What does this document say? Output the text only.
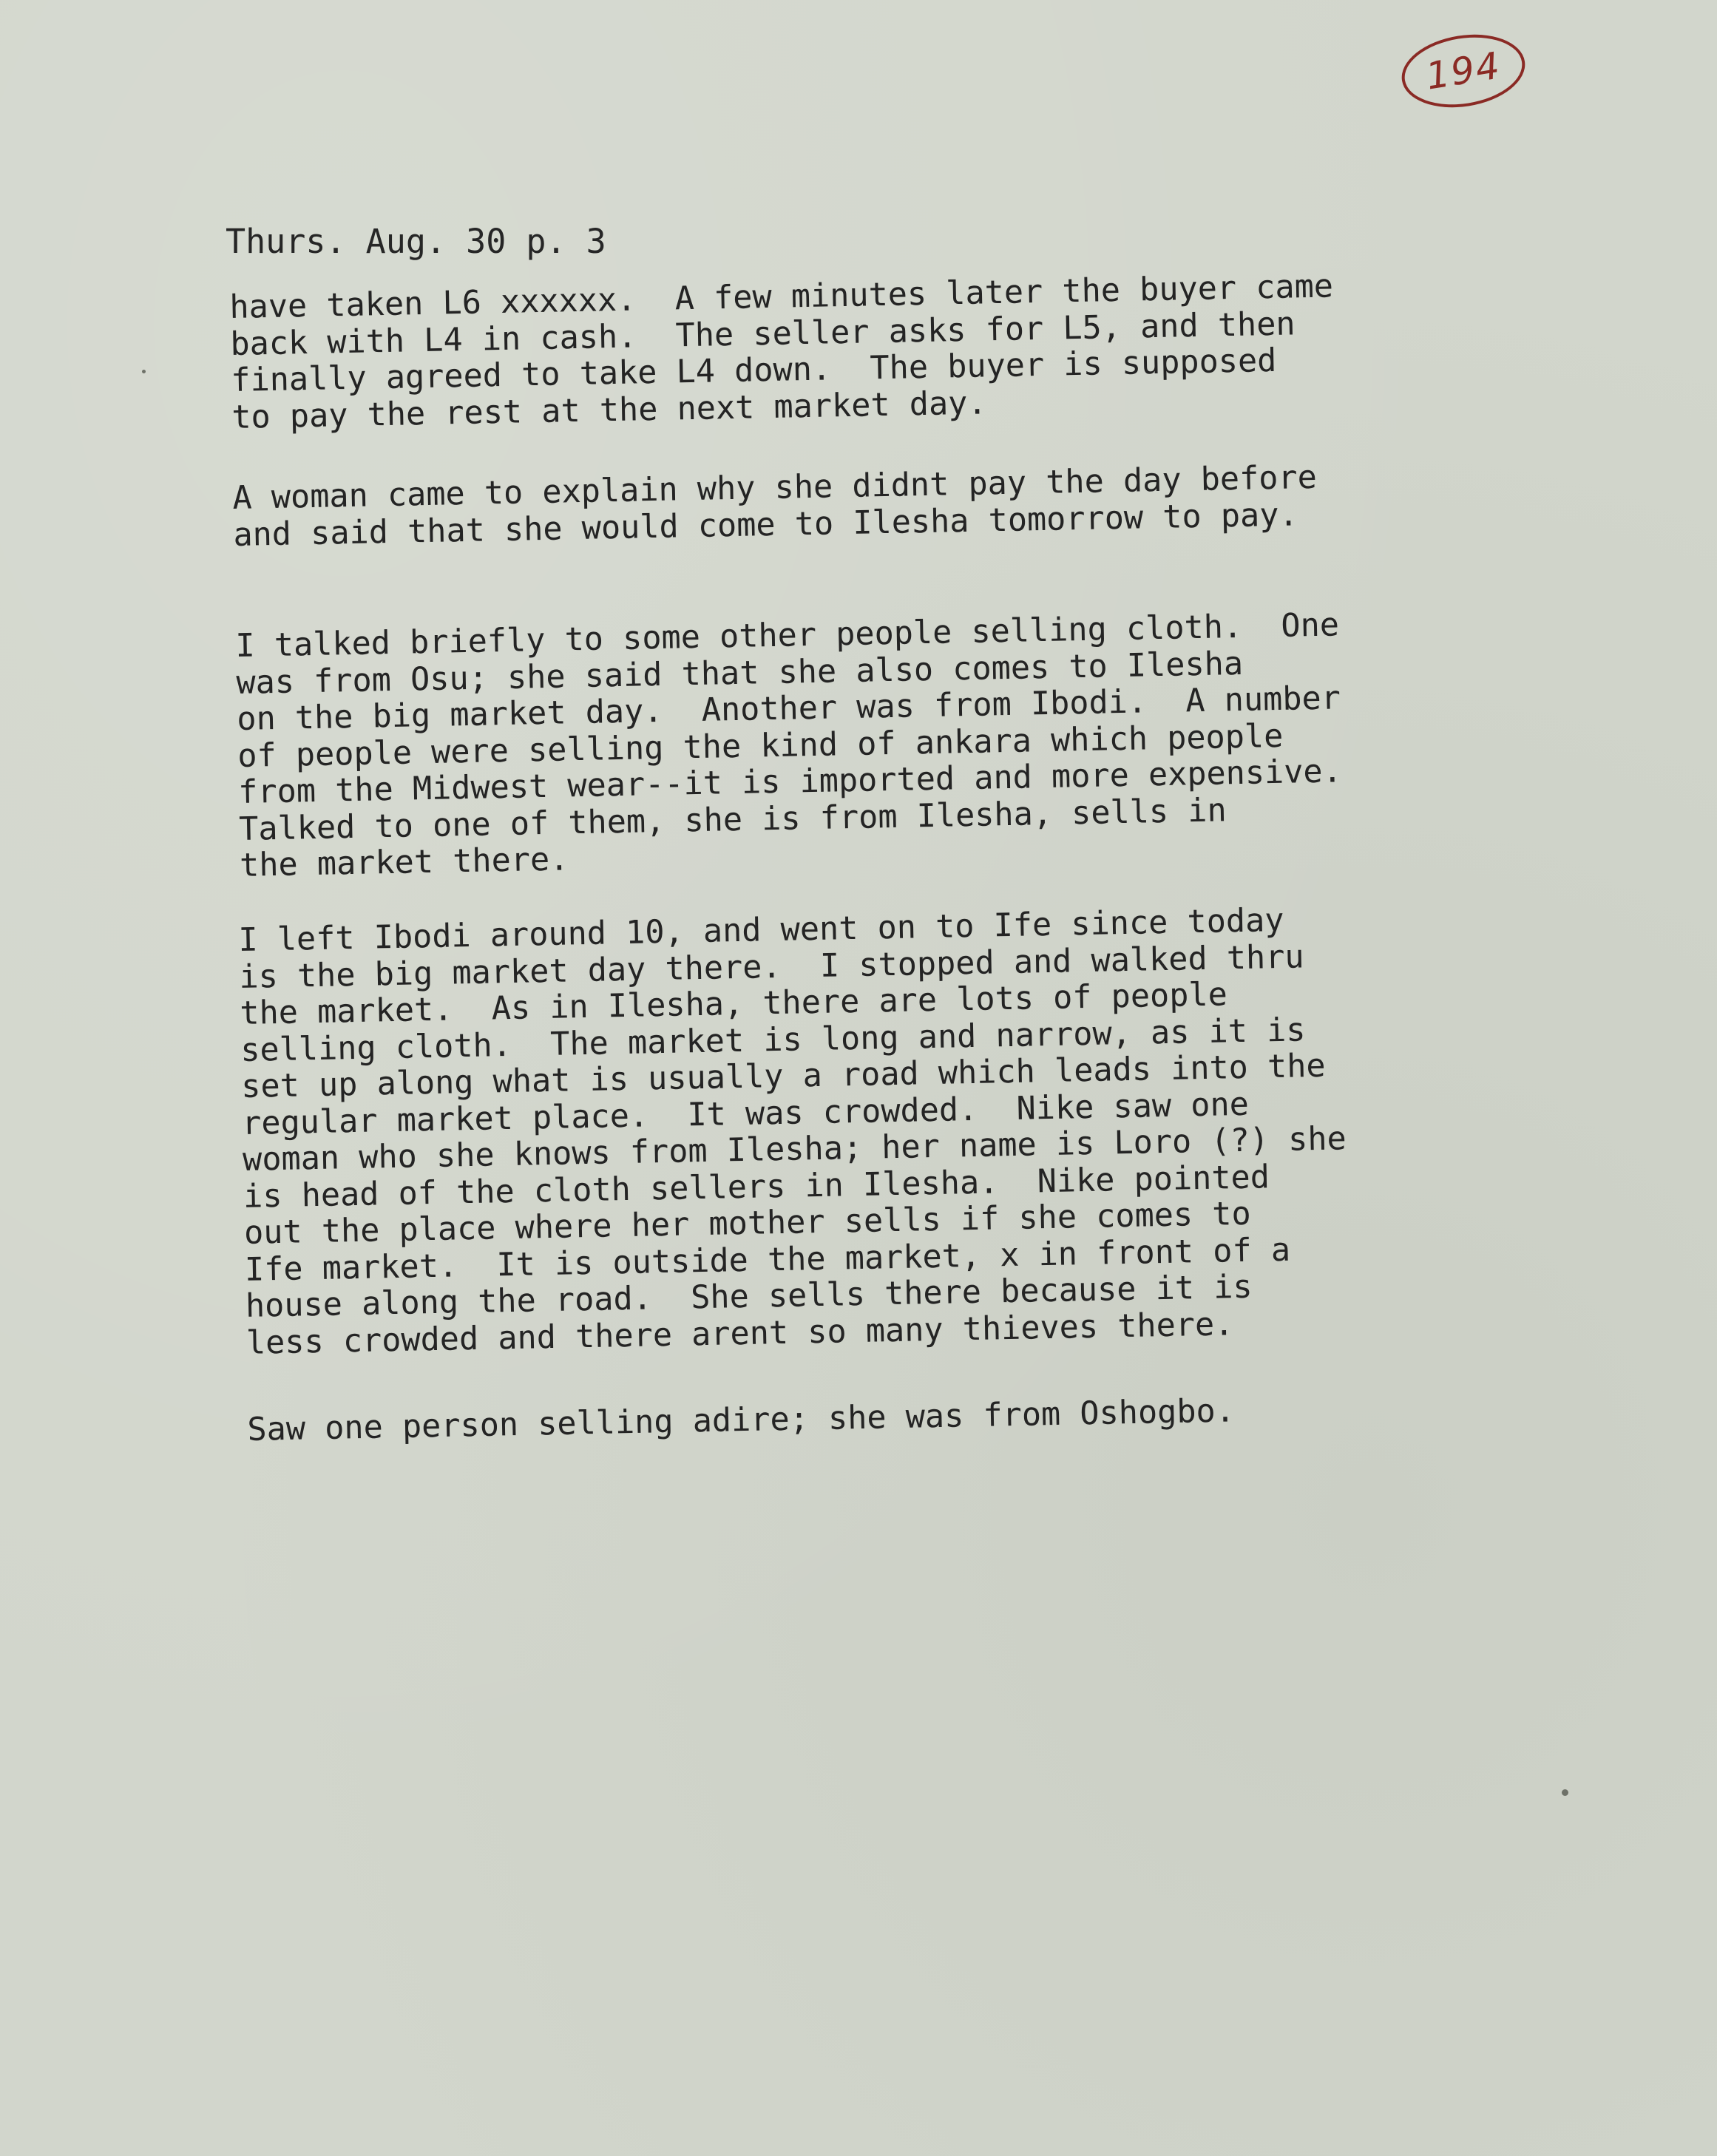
194
Thurs. Aug. 30 p. 3

have taken L6 xxxxxx.  A few minutes later the buyer came
back with L4 in cash.  The seller asks for L5, and then
finally agreed to take L4 down.  The buyer is supposed
to pay the rest at the next market day.

A woman came to explain why she didnt pay the day before
and said that she would come to Ilesha tomorrow to pay.

I talked briefly to some other people selling cloth.  One
was from Osu; she said that she also comes to Ilesha
on the big market day.  Another was from Ibodi.  A number
of people were selling the kind of ankara which people
from the Midwest wear--it is imported and more expensive.
Talked to one of them, she is from Ilesha, sells in
the market there.

I left Ibodi around 10, and went on to Ife since today
is the big market day there.  I stopped and walked thru
the market.  As in Ilesha, there are lots of people
selling cloth.  The market is long and narrow, as it is
set up along what is usually a road which leads into the
regular market place.  It was crowded.  Nike saw one
woman who she knows from Ilesha; her name is Loro (?) she
is head of the cloth sellers in Ilesha.  Nike pointed
out the place where her mother sells if she comes to
Ife market.  It is outside the market, x in front of a
house along the road.  She sells there because it is
less crowded and there arent so many thieves there.

Saw one person selling adire; she was from Oshogbo.
